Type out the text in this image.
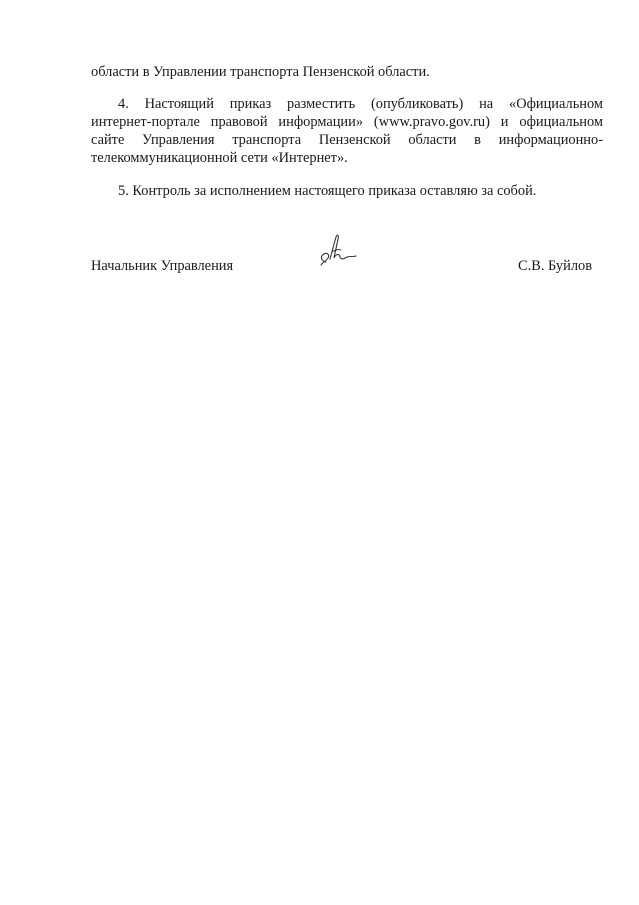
области в Управлении транспорта Пензенской области.
4. Настоящий приказ разместить (опубликовать) на «Официальном
интернет-портале правовой информации» (www.pravo.gov.ru) и официальном
сайте Управления транспорта Пензенской области в информационно-
телекоммуникационной сети «Интернет».
5. Контроль за исполнением настоящего приказа оставляю за собой.
Начальник Управления	С.В. Буйлов
